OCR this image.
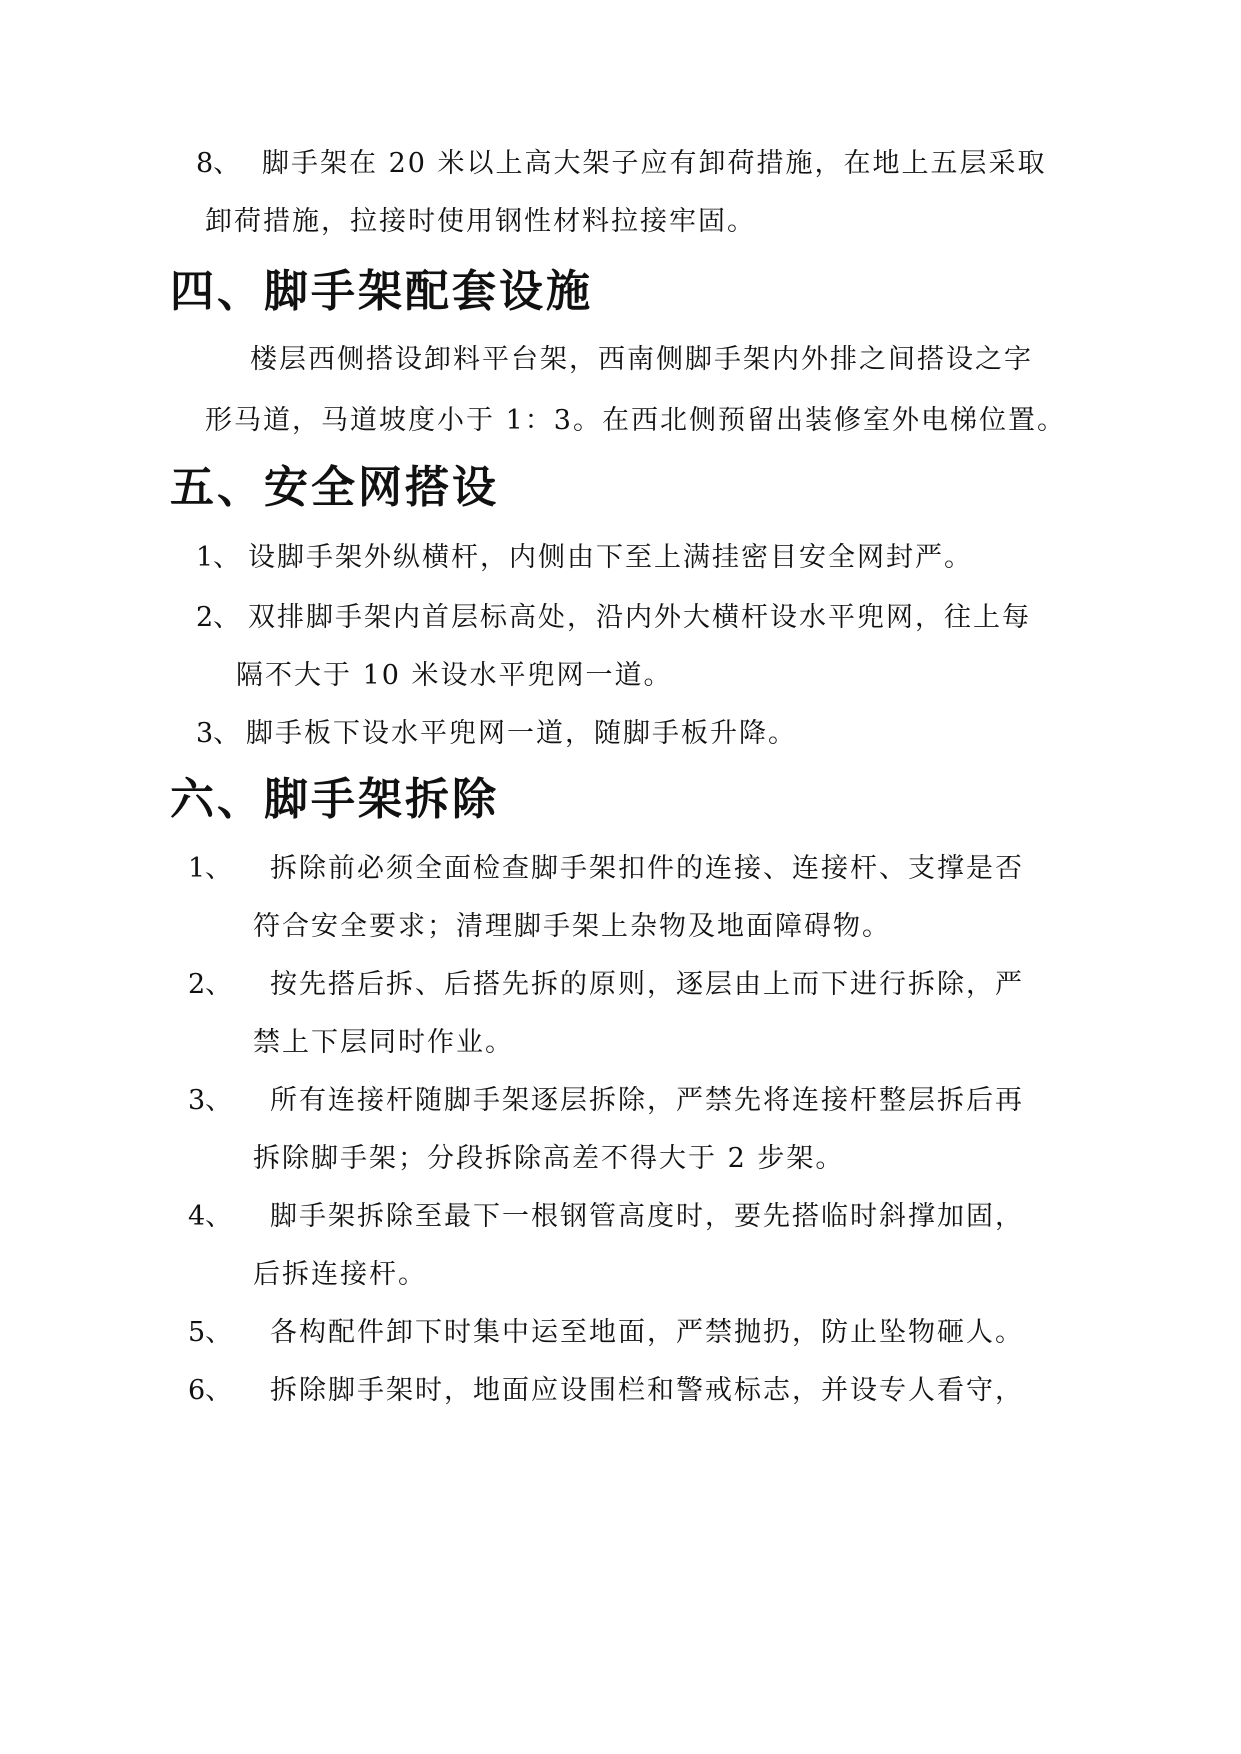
8、 脚手架在 20 米以上高大架子应有卸荷措施，在地上五层采取
卸荷措施，拉接时使用钢性材料拉接牢固。
四、脚手架配套设施
楼层西侧搭设卸料平台架，西南侧脚手架内外排之间搭设之字
形马道，马道坡度小于 1：3。在西北侧预留出装修室外电梯位置。
五、安全网搭设
1、 设脚手架外纵横杆，内侧由下至上满挂密目安全网封严。
2、 双排脚手架内首层标高处，沿内外大横杆设水平兜网，往上每
隔不大于 10 米设水平兜网一道。
3、 脚手板下设水平兜网一道，随脚手板升降。
六、脚手架拆除
1、 拆除前必须全面检查脚手架扣件的连接、连接杆、支撑是否
符合安全要求；清理脚手架上杂物及地面障碍物。
2、 按先搭后拆、后搭先拆的原则，逐层由上而下进行拆除，严
禁上下层同时作业。
3、 所有连接杆随脚手架逐层拆除，严禁先将连接杆整层拆后再
拆除脚手架；分段拆除高差不得大于 2 步架。
4、 脚手架拆除至最下一根钢管高度时，要先搭临时斜撑加固，
后拆连接杆。
5、 各构配件卸下时集中运至地面，严禁抛扔，防止坠物砸人。
6、 拆除脚手架时，地面应设围栏和警戒标志，并设专人看守，
